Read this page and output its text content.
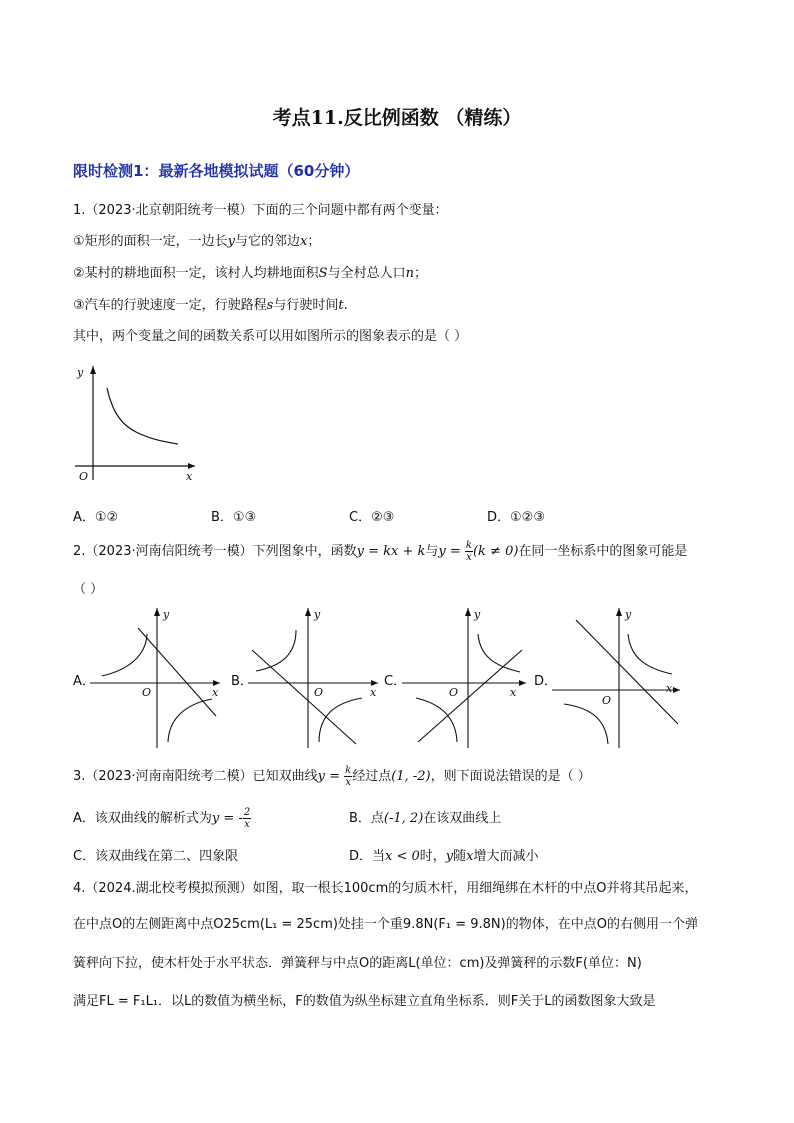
考点11.反比例函数 （精练）
限时检测1：最新各地模拟试题（60分钟）
1.（2023·北京朝阳统考一模）下面的三个问题中都有两个变量：
①矩形的面积一定，一边长y与它的邻边x；
②某村的耕地面积一定，该村人均耕地面积S与全村总人口n；
③汽车的行驶速度一定，行驶路程s与行驶时间t.
其中，两个变量之间的函数关系可以用如图所示的图象表示的是（ ）
y
x
O
A．①②	B．①③	C．②③	D．①②③
2.（2023·河南信阳统考一模）下列图象中，函数y = kx + k与$y = \frac{k}{x} (k \ne 0)$在同一坐标系中的图象可能是
（ ）
A．	B．	C．	D．
y
x
O
y
x
O
y
x
O
y
x
O
3.（2023·河南南阳统考二模）已知双曲线$y = \frac{k}{x}$ 经过点(1, -2)，则下面说法错误的是（ ）
A．该双曲线的解析式为y = - $\frac{2}{x}$	B．点(-1, 2)在该双曲线上
C．该双曲线在第二、四象限	D．当x < 0时，y随x增大而减小
4.（2024.湖北校考模拟预测）如图，取一根长100cm的匀质木杆，用细绳绑在木杆的中点O并将其吊起来，
在中点O的左侧距离中点O25cm(L₁ = 25cm)处挂一个重9.8N(F₁ = 9.8N)的物体，在中点O的右侧用一个弹
簧秤向下拉，使木杆处于水平状态．弹簧秤与中点O的距离L(单位：cm)及弹簧秤的示数F(单位：N)
满足FL = F₁L₁．以L的数值为横坐标，F的数值为纵坐标建立直角坐标系．则F关于L的函数图象大致是
